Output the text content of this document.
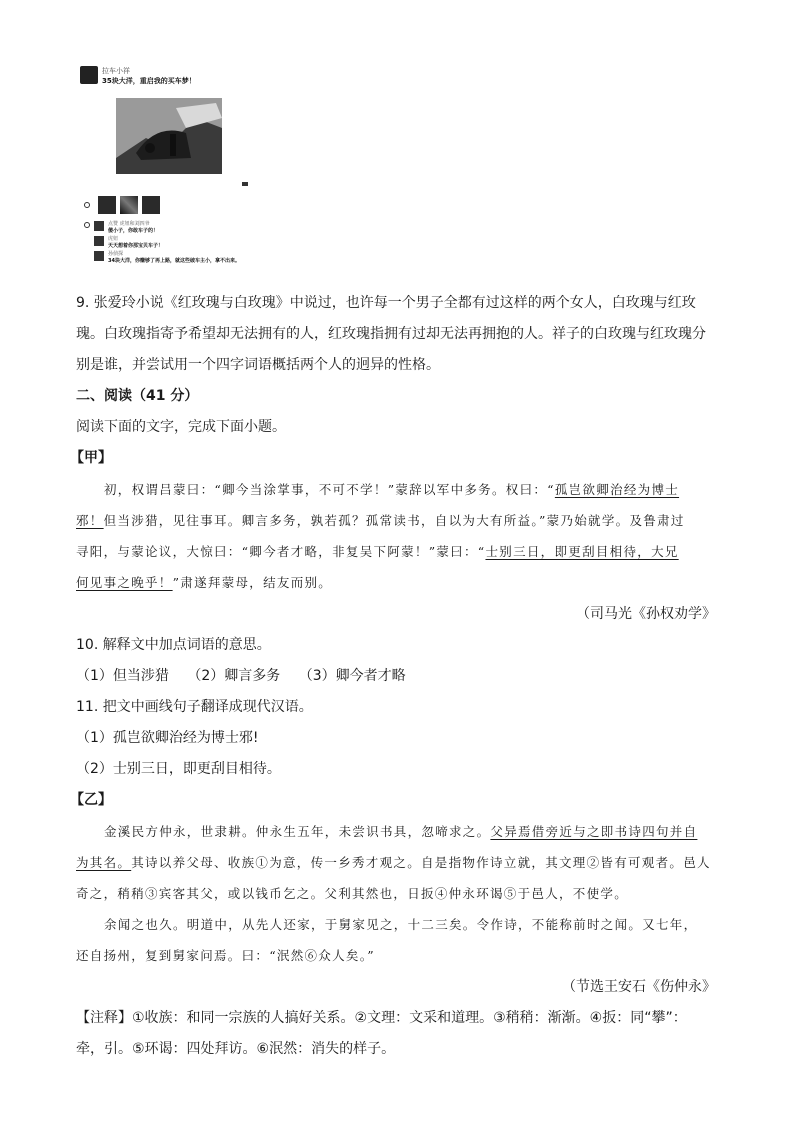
拉车小祥
35块大洋，重启我的买车梦！
点赞 虎妞和刘四爷
傻小子，你敢车子的！
虎妞
天天想着你那宝贝车子！
孙侦探
34块大洋，你赚够了再上路，就这些破车主小，拿不出来。

9. 张爱玲小说《红玫瑰与白玫瑰》中说过，也许每一个男子全都有过这样的两个女人，白玫瑰与红玫

瑰。白玫瑰指寄予希望却无法拥有的人，红玫瑰指拥有过却无法再拥抱的人。祥子的白玫瑰与红玫瑰分

别是谁，并尝试用一个四字词语概括两个人的迥异的性格。

二、阅读（41 分）

阅读下面的文字，完成下面小题。

【甲】

初，权谓吕蒙曰：“卿今当涂掌事，不可不学！”蒙辞以军中多务。权曰：“孤岂欲卿治经为博士

邪！但当涉猎，见往事耳。卿言多务，孰若孤？孤常读书，自以为大有所益。”蒙乃始就学。及鲁肃过

寻阳，与蒙论议，大惊曰：“卿今者才略，非复吴下阿蒙！”蒙曰：“士别三日，即更刮目相待，大兄

何见事之晚乎！”肃遂拜蒙母，结友而别。

（司马光《孙权劝学》

10. 解释文中加点词语的意思。

（1）但当涉猎 （2）卿言多务 （3）卿今者才略

11. 把文中画线句子翻译成现代汉语。

（1）孤岂欲卿治经为博士邪!

（2）士别三日，即更刮目相待。

【乙】

金溪民方仲永，世隶耕。仲永生五年，未尝识书具，忽啼求之。父异焉借旁近与之即书诗四句并自

为其名。其诗以养父母、收族①为意，传一乡秀才观之。自是指物作诗立就，其文理②皆有可观者。邑人

奇之，稍稍③宾客其父，或以钱币乞之。父利其然也，日扳④仲永环谒⑤于邑人，不使学。

余闻之也久。明道中，从先人还家，于舅家见之，十二三矣。令作诗，不能称前时之闻。又七年，

还自扬州，复到舅家问焉。曰：“泯然⑥众人矣。”

（节选王安石《伤仲永》

【注释】①收族：和同一宗族的人搞好关系。②文理：文采和道理。③稍稍：渐渐。④扳：同“攀”：

牵，引。⑤环谒：四处拜访。⑥泯然：消失的样子。
